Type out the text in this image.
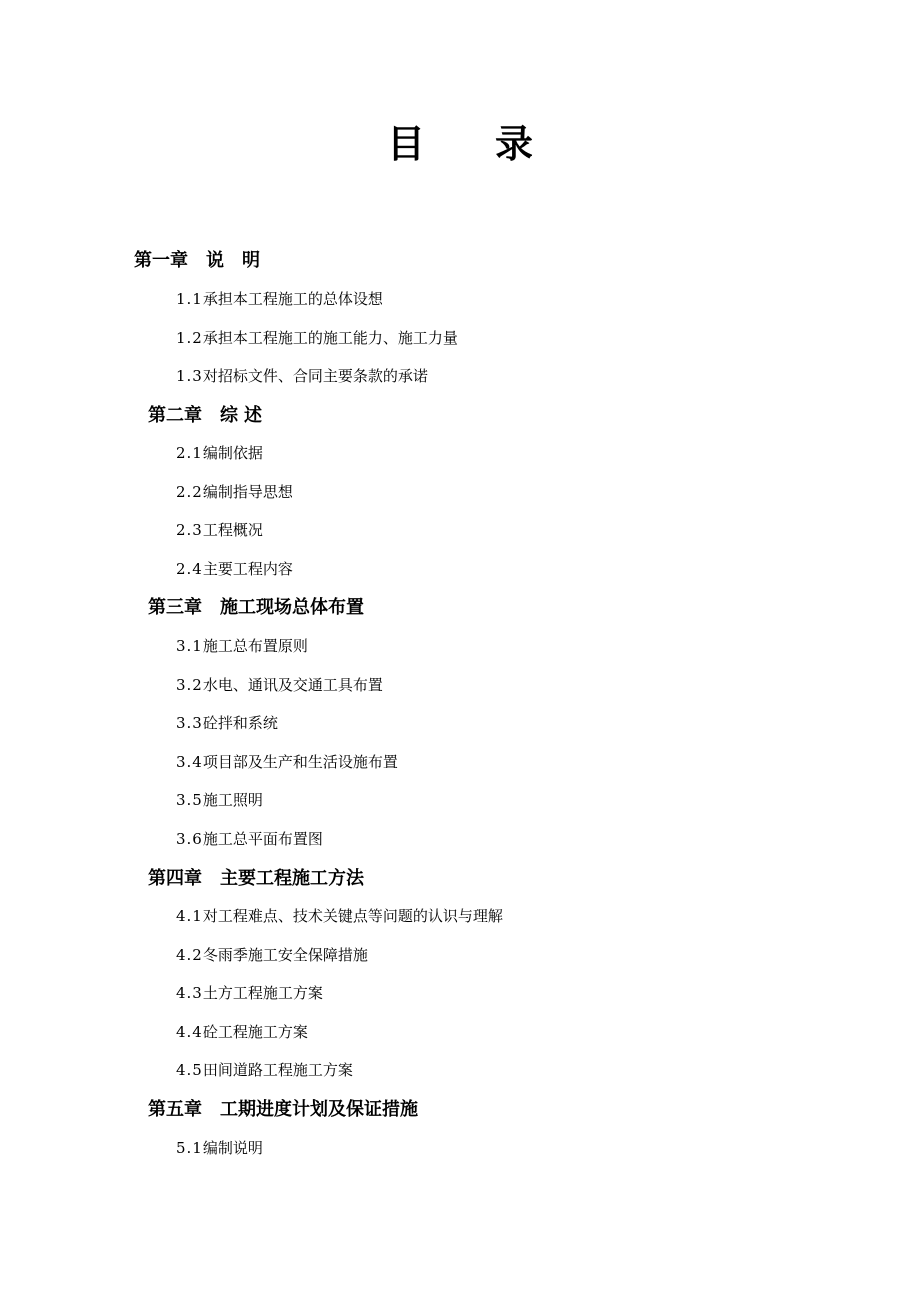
目 录
第一章 说 明
1.1承担本工程施工的总体设想
1.2承担本工程施工的施工能力、施工力量
1.3对招标文件、合同主要条款的承诺
第二章 综 述
2.1编制依据
2.2编制指导思想
2.3工程概况
2.4主要工程内容
第三章 施工现场总体布置
3.1施工总布置原则
3.2水电、通讯及交通工具布置
3.3砼拌和系统
3.4项目部及生产和生活设施布置
3.5施工照明
3.6施工总平面布置图
第四章 主要工程施工方法
4.1对工程难点、技术关键点等问题的认识与理解
4.2冬雨季施工安全保障措施
4.3土方工程施工方案
4.4砼工程施工方案
4.5田间道路工程施工方案
第五章 工期进度计划及保证措施
5.1编制说明
